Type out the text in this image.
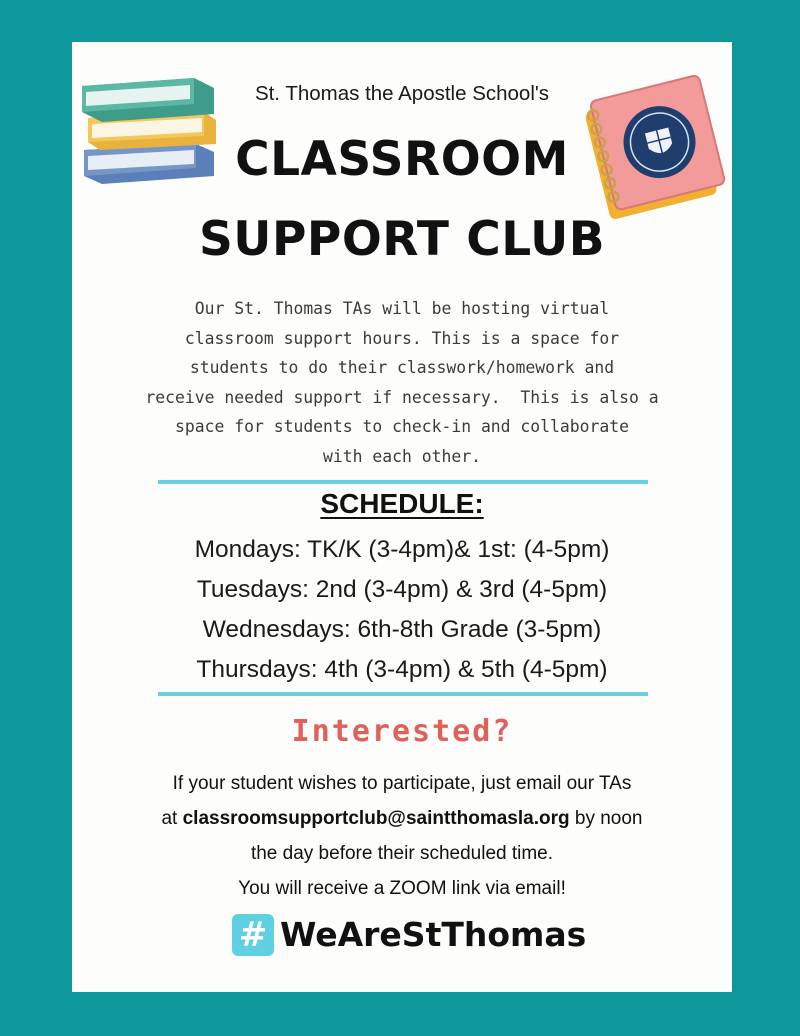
St. Thomas the Apostle School's
CLASSROOM
SUPPORT CLUB
Our St. Thomas TAs will be hosting virtual
classroom support hours. This is a space for
students to do their classwork/homework and
receive needed support if necessary.  This is also a
space for students to check-in and collaborate
with each other.
SCHEDULE:
Mondays: TK/K (3-4pm)& 1st: (4-5pm)
Tuesdays: 2nd (3-4pm) & 3rd (4-5pm)
Wednesdays: 6th-8th Grade (3-5pm)
Thursdays: 4th (3-4pm) & 5th (4-5pm)
Interested?
If your student wishes to participate, just email our TAs
at classroomsupportclub@saintthomasla.org by noon
the day before their scheduled time.
You will receive a ZOOM link via email!
# WeAreStThomas
